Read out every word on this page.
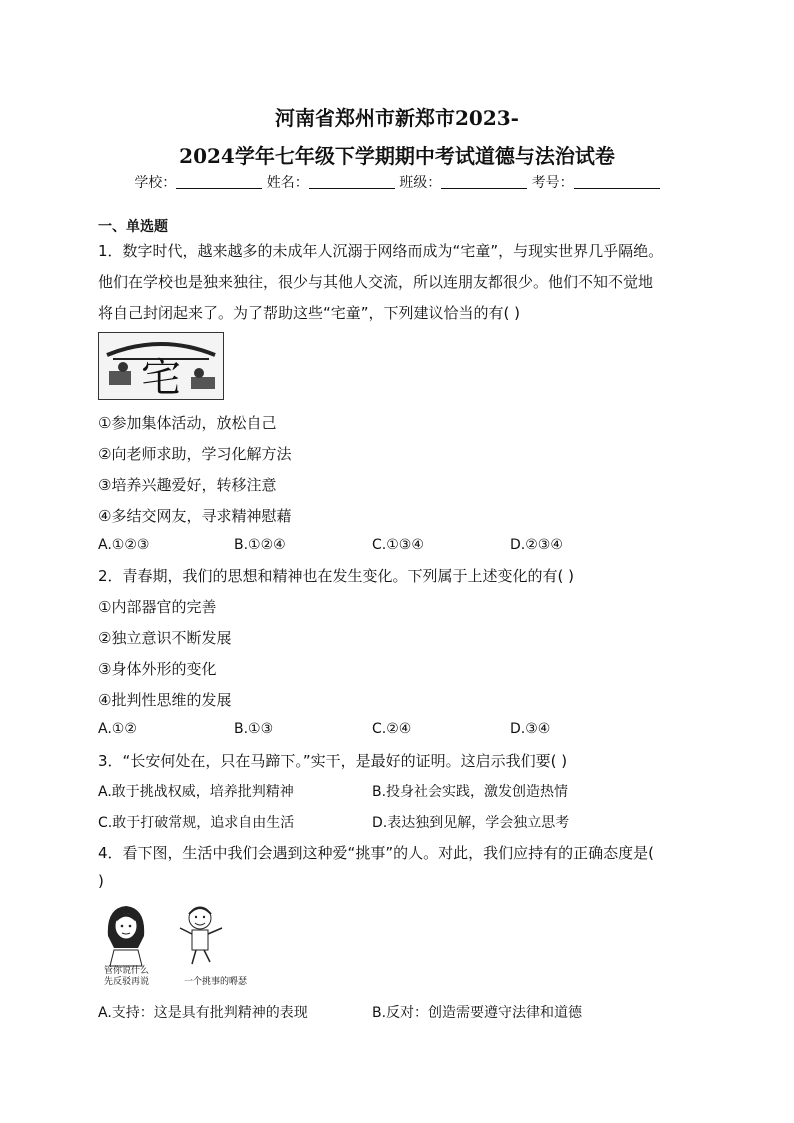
河南省郑州市新郑市2023-
2024学年七年级下学期期中考试道德与法治试卷
学校：	姓名：	班级：	考号：
一、单选题
1．数字时代，越来越多的未成年人沉溺于网络而成为“宅童”，与现实世界几乎隔绝。
他们在学校也是独来独往，很少与其他人交流，所以连朋友都很少。他们不知不觉地
将自己封闭起来了。为了帮助这些“宅童”，下列建议恰当的有( )
宅
①参加集体活动，放松自己
②向老师求助，学习化解方法
③培养兴趣爱好，转移注意
④多结交网友，寻求精神慰藉
A.①②③	B.①②④	C.①③④	D.②③④
2．青春期，我们的思想和精神也在发生变化。下列属于上述变化的有( )
①内部器官的完善
②独立意识不断发展
③身体外形的变化
④批判性思维的发展
A.①②	B.①③	C.②④	D.③④
3．“长安何处在，只在马蹄下。”实干，是最好的证明。这启示我们要( )
A.敢于挑战权威，培养批判精神	B.投身社会实践，激发创造热情
C.敢于打破常规，追求自由生活	D.表达独到见解，学会独立思考
4．看下图，生活中我们会遇到这种爱“挑事”的人。对此，我们应持有的正确态度是(
)
管你说什么
先反驳再说	一个挑事的嘚瑟
A.支持：这是具有批判精神的表现	B.反对：创造需要遵守法律和道德
